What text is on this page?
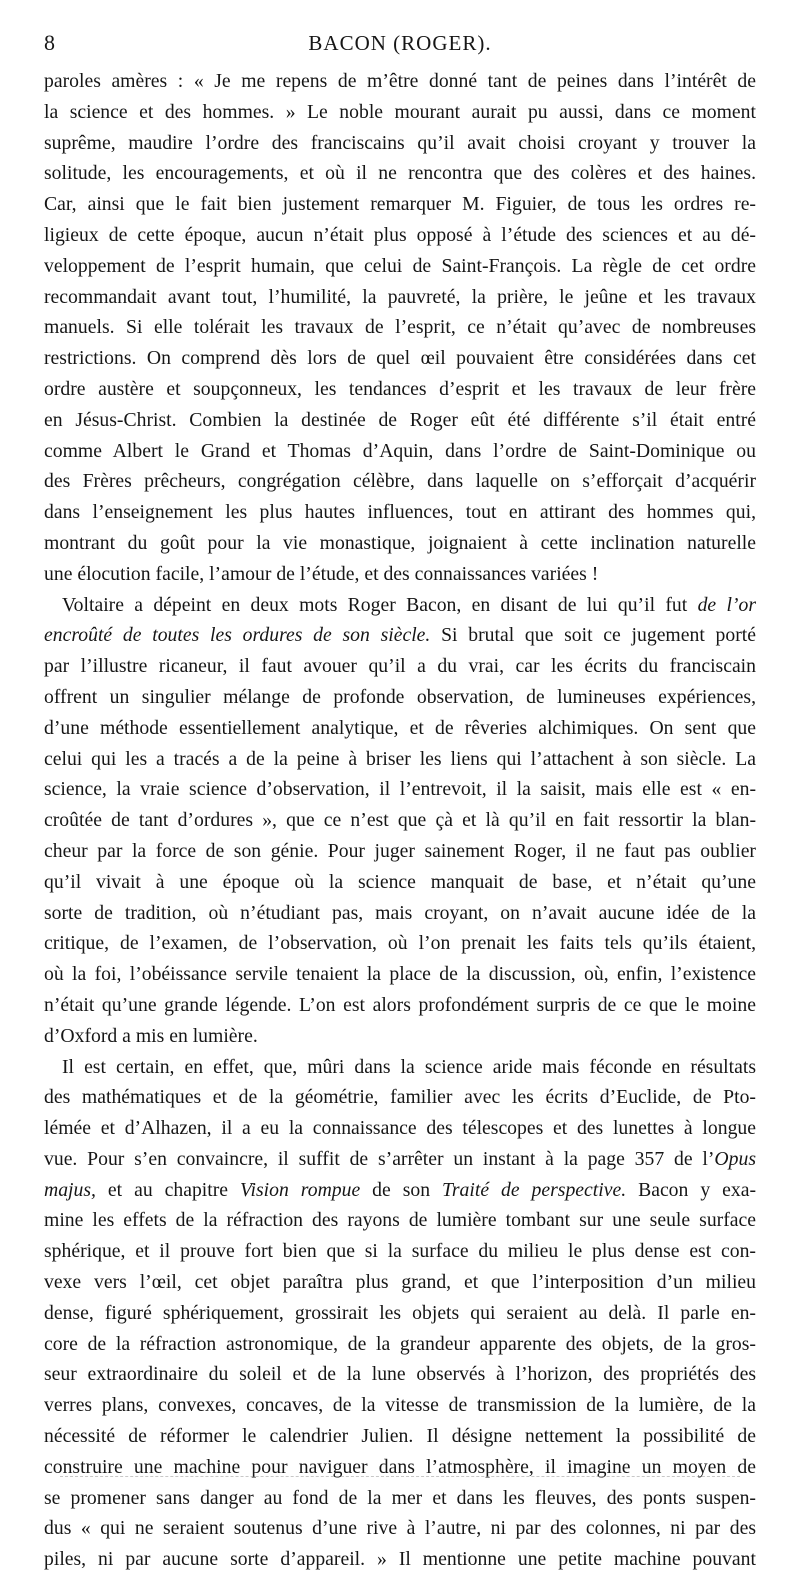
8	BACON (ROGER).
paroles amères : « Je me repens de m’être donné tant de peines dans l’intérêt de
la science et des hommes. » Le noble mourant aurait pu aussi, dans ce moment
suprême, maudire l’ordre des franciscains qu’il avait choisi croyant y trouver la
solitude, les encouragements, et où il ne rencontra que des colères et des haines.
Car, ainsi que le fait bien justement remarquer M. Figuier, de tous les ordres re-
ligieux de cette époque, aucun n’était plus opposé à l’étude des sciences et au dé-
veloppement de l’esprit humain, que celui de Saint-François. La règle de cet ordre
recommandait avant tout, l’humilité, la pauvreté, la prière, le jeûne et les travaux
manuels. Si elle tolérait les travaux de l’esprit, ce n’était qu’avec de nombreuses
restrictions. On comprend dès lors de quel œil pouvaient être considérées dans cet
ordre austère et soupçonneux, les tendances d’esprit et les travaux de leur frère
en Jésus-Christ. Combien la destinée de Roger eût été différente s’il était entré
comme Albert le Grand et Thomas d’Aquin, dans l’ordre de Saint-Dominique ou
des Frères prêcheurs, congrégation célèbre, dans laquelle on s’efforçait d’acquérir
dans l’enseignement les plus hautes influences, tout en attirant des hommes qui,
montrant du goût pour la vie monastique, joignaient à cette inclination naturelle
une élocution facile, l’amour de l’étude, et des connaissances variées !
Voltaire a dépeint en deux mots Roger Bacon, en disant de lui qu’il fut de l’or
encroûté de toutes les ordures de son siècle. Si brutal que soit ce jugement porté
par l’illustre ricaneur, il faut avouer qu’il a du vrai, car les écrits du franciscain
offrent un singulier mélange de profonde observation, de lumineuses expériences,
d’une méthode essentiellement analytique, et de rêveries alchimiques. On sent que
celui qui les a tracés a de la peine à briser les liens qui l’attachent à son siècle. La
science, la vraie science d’observation, il l’entrevoit, il la saisit, mais elle est « en-
croûtée de tant d’ordures », que ce n’est que çà et là qu’il en fait ressortir la blan-
cheur par la force de son génie. Pour juger sainement Roger, il ne faut pas oublier
qu’il vivait à une époque où la science manquait de base, et n’était qu’une
sorte de tradition, où n’étudiant pas, mais croyant, on n’avait aucune idée de la
critique, de l’examen, de l’observation, où l’on prenait les faits tels qu’ils étaient,
où la foi, l’obéissance servile tenaient la place de la discussion, où, enfin, l’existence
n’était qu’une grande légende. L’on est alors profondément surpris de ce que le moine
d’Oxford a mis en lumière.
Il est certain, en effet, que, mûri dans la science aride mais féconde en résultats
des mathématiques et de la géométrie, familier avec les écrits d’Euclide, de Pto-
lémée et d’Alhazen, il a eu la connaissance des télescopes et des lunettes à longue
vue. Pour s’en convaincre, il suffit de s’arrêter un instant à la page 357 de l’Opus
majus, et au chapitre Vision rompue de son Traité de perspective. Bacon y exa-
mine les effets de la réfraction des rayons de lumière tombant sur une seule surface
sphérique, et il prouve fort bien que si la surface du milieu le plus dense est con-
vexe vers l’œil, cet objet paraîtra plus grand, et que l’interposition d’un milieu
dense, figuré sphériquement, grossirait les objets qui seraient au delà. Il parle en-
core de la réfraction astronomique, de la grandeur apparente des objets, de la gros-
seur extraordinaire du soleil et de la lune observés à l’horizon, des propriétés des
verres plans, convexes, concaves, de la vitesse de transmission de la lumière, de la
nécessité de réformer le calendrier Julien. Il désigne nettement la possibilité de
construire une machine pour naviguer dans l’atmosphère, il imagine un moyen de
se promener sans danger au fond de la mer et dans les fleuves, des ponts suspen-
dus « qui ne seraient soutenus d’une rive à l’autre, ni par des colonnes, ni par des
piles, ni par aucune sorte d’appareil. » Il mentionne une petite machine pouvant
